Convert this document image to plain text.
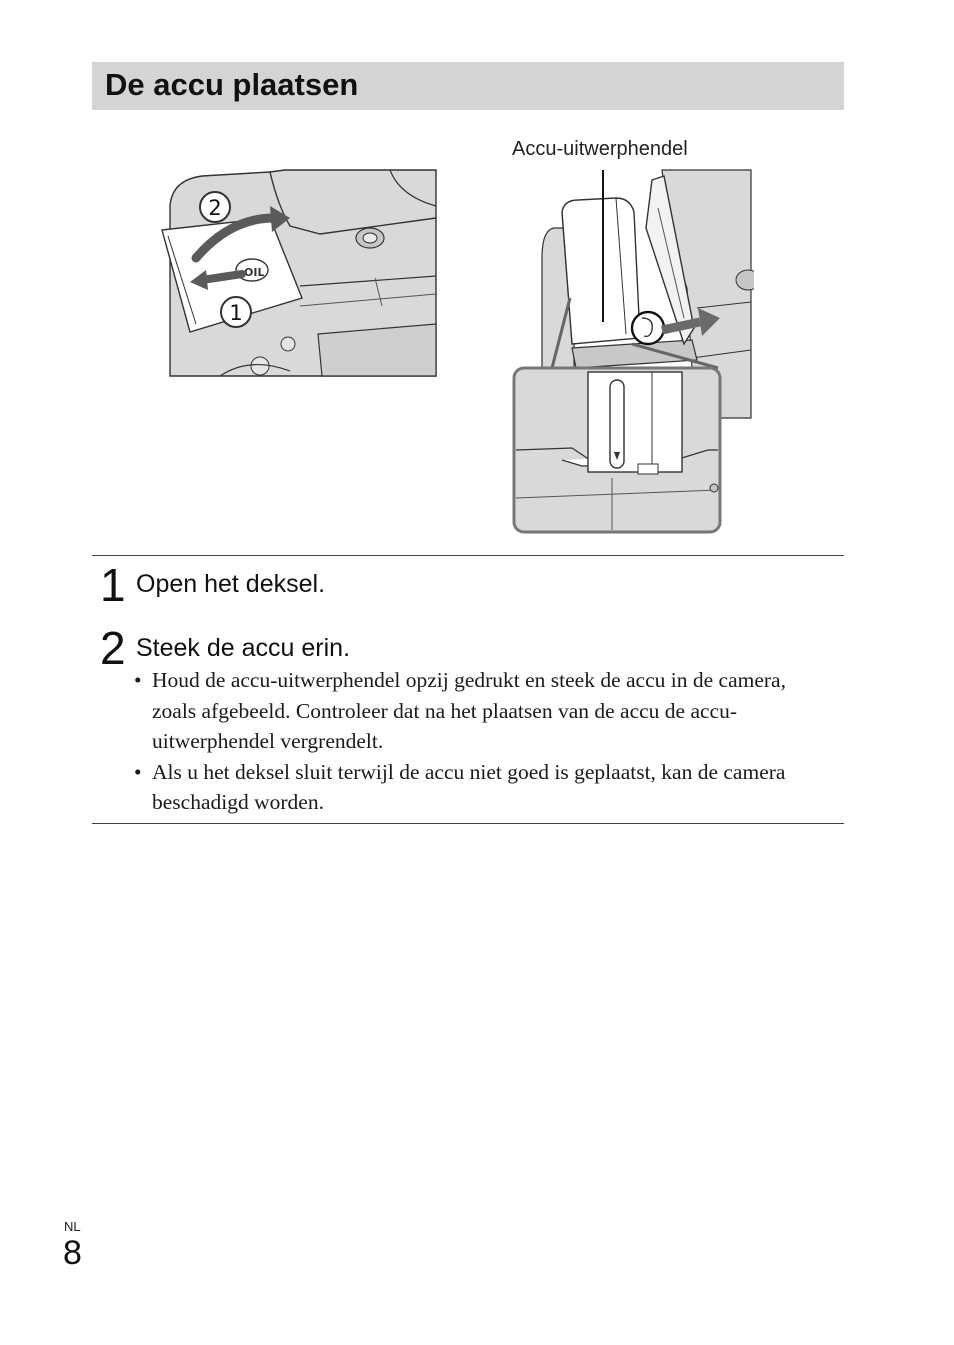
De accu plaatsen
Accu-uitwerphendel
OIL
2
1
1 Open het deksel.
2 Steek de accu erin.
• Houd de accu-uitwerphendel opzij gedrukt en steek de accu in de camera, zoals afgebeeld. Controleer dat na het plaatsen van de accu de accu-uitwerphendel vergrendelt.
• Als u het deksel sluit terwijl de accu niet goed is geplaatst, kan de camera beschadigd worden.
NL
8
